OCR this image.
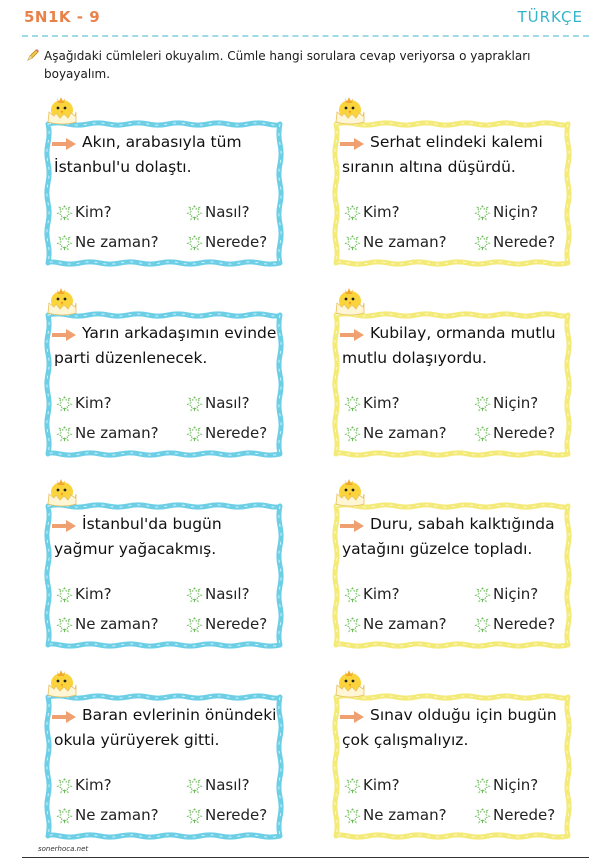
5N1K - 9	TÜRKÇE
Aşağıdaki cümleleri okuyalım. Cümle hangi sorulara cevap veriyorsa o yaprakları boyayalım.
Akın, arabasıyla tüm İstanbul'u dolaştı.
Kim?	Nasıl?
Ne zaman?	Nerede?
Serhat elindeki kalemi sıranın altına düşürdü.
Kim?	Niçin?
Ne zaman?	Nerede?
Yarın arkadaşımın evinde parti düzenlenecek.
Kim?	Nasıl?
Ne zaman?	Nerede?
Kubilay, ormanda mutlu mutlu dolaşıyordu.
Kim?	Niçin?
Ne zaman?	Nerede?
İstanbul'da bugün yağmur yağacakmış.
Kim?	Nasıl?
Ne zaman?	Nerede?
Duru, sabah kalktığında yatağını güzelce topladı.
Kim?	Niçin?
Ne zaman?	Nerede?
Baran evlerinin önündeki okula yürüyerek gitti.
Kim?	Nasıl?
Ne zaman?	Nerede?
Sınav olduğu için bugün çok çalışmalıyız.
Kim?	Niçin?
Ne zaman?	Nerede?
sonerhoca.net
